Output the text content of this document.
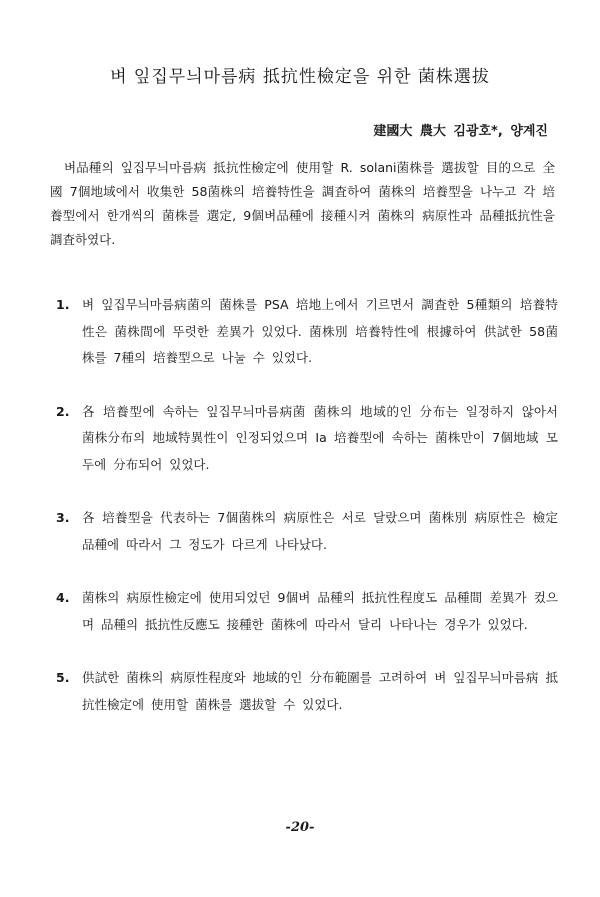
벼 잎집무늬마름病 抵抗性檢定을 위한 菌株選拔
建國大 農大 김광호*, 양계진

벼品種의 잎집무늬마름病 抵抗性檢定에 使用할 R. solani菌株를 選拔할 目的으로 全國 7個地域에서 收集한 58菌株의 培養特性을 調査하여 菌株의 培養型을 나누고 각 培養型에서 한개씩의 菌株를 選定, 9個벼品種에 接種시켜 菌株의 病原性과 品種抵抗性을 調査하였다.

1. 벼 잎집무늬마름病菌의 菌株를 PSA 培地上에서 기르면서 調査한 5種類의 培養特性은 菌株間에 뚜렷한 差異가 있었다. 菌株別 培養特性에 根據하여 供試한 58菌株를 7種의 培養型으로 나눌 수 있었다.
2. 各 培養型에 속하는 잎집무늬마름病菌 菌株의 地域的인 分布는 일정하지 않아서 菌株分布의 地域特異性이 인정되었으며 Ia 培養型에 속하는 菌株만이 7個地域 모두에 分布되어 있었다.
3. 各 培養型을 代表하는 7個菌株의 病原性은 서로 달랐으며 菌株別 病原性은 檢定品種에 따라서 그 정도가 다르게 나타났다.
4. 菌株의 病原性檢定에 使用되었던 9個벼 品種의 抵抗性程度도 品種間 差異가 컸으며 品種의 抵抗性反應도 接種한 菌株에 따라서 달리 나타나는 경우가 있었다.
5. 供試한 菌株의 病原性程度와 地域的인 分布範圍를 고려하여 벼 잎집무늬마름病 抵抗性檢定에 使用할 菌株를 選拔할 수 있었다.
-20-
